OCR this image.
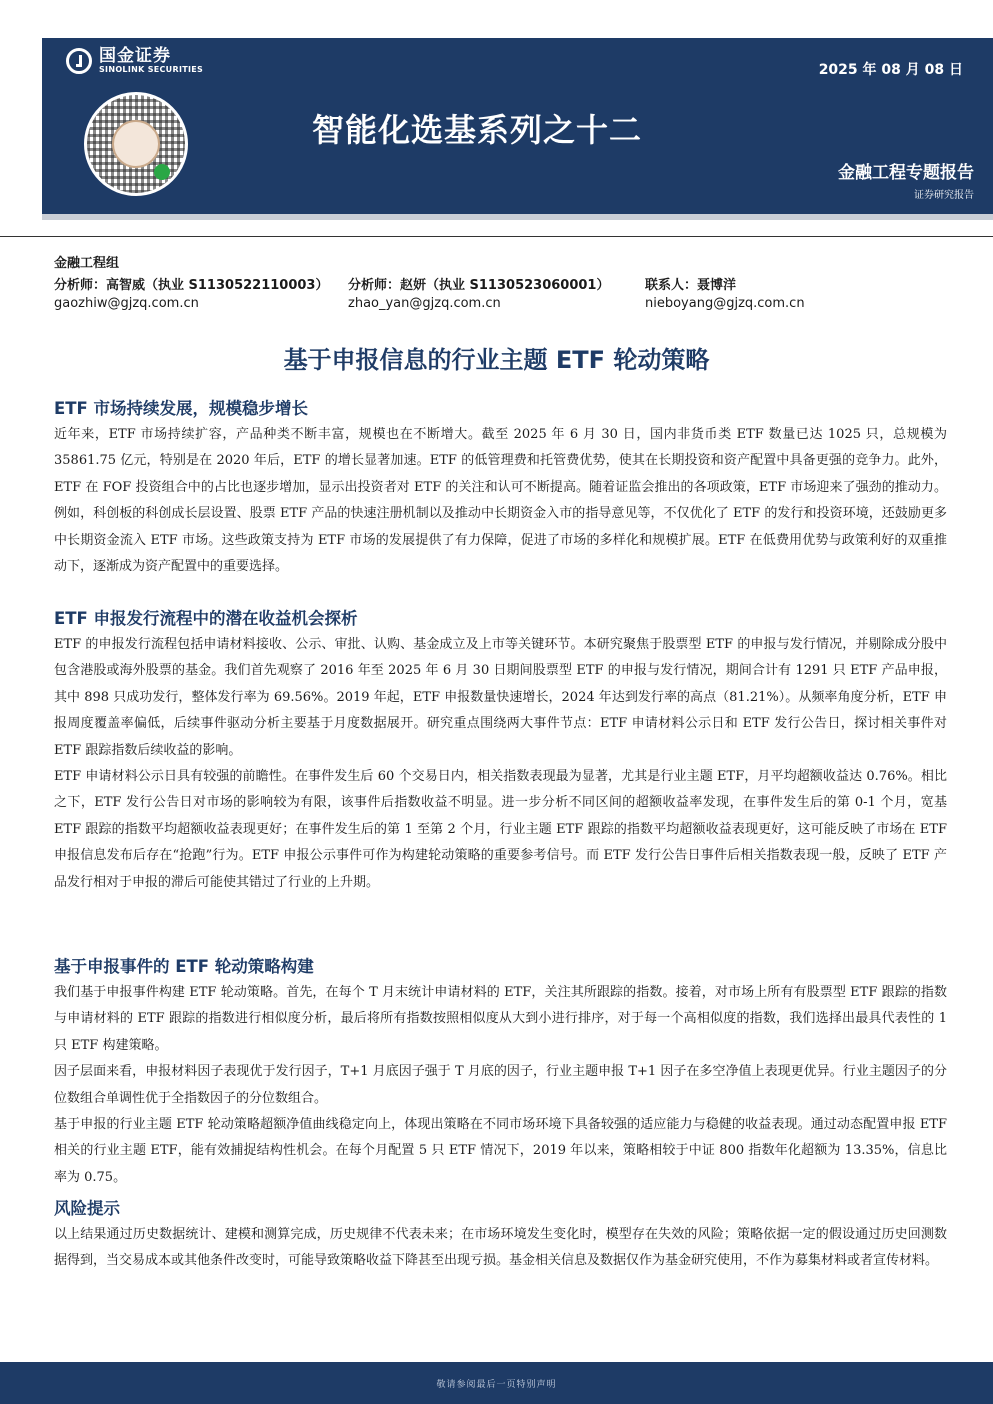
国金证券
SINOLINK SECURITIES	2025 年 08 月 08 日
智能化选基系列之十二
金融工程专题报告
证券研究报告
金融工程组
分析师：高智威（执业 S1130522110003）
gaozhiw@gjzq.com.cn
分析师：赵妍（执业 S1130523060001）
zhao_yan@gjzq.com.cn
联系人：聂博洋
nieboyang@gjzq.com.cn
基于申报信息的行业主题 ETF 轮动策略
ETF 市场持续发展，规模稳步增长

近年来，ETF 市场持续扩容，产品种类不断丰富，规模也在不断增大。截至 2025 年 6 月 30 日，国内非货币类 ETF 数量已达 1025 只，总规模为 35861.75 亿元，特别是在 2020 年后，ETF 的增长显著加速。ETF 的低管理费和托管费优势，使其在长期投资和资产配置中具备更强的竞争力。此外，ETF 在 FOF 投资组合中的占比也逐步增加，显示出投资者对 ETF 的关注和认可不断提高。随着证监会推出的各项政策，ETF 市场迎来了强劲的推动力。例如，科创板的科创成长层设置、股票 ETF 产品的快速注册机制以及推动中长期资金入市的指导意见等，不仅优化了 ETF 的发行和投资环境，还鼓励更多中长期资金流入 ETF 市场。这些政策支持为 ETF 市场的发展提供了有力保障，促进了市场的多样化和规模扩展。ETF 在低费用优势与政策利好的双重推动下，逐渐成为资产配置中的重要选择。

ETF 申报发行流程中的潜在收益机会探析

ETF 的申报发行流程包括申请材料接收、公示、审批、认购、基金成立及上市等关键环节。本研究聚焦于股票型 ETF 的申报与发行情况，并剔除成分股中包含港股或海外股票的基金。我们首先观察了 2016 年至 2025 年 6 月 30 日期间股票型 ETF 的申报与发行情况，期间合计有 1291 只 ETF 产品申报，其中 898 只成功发行，整体发行率为 69.56%。2019 年起，ETF 申报数量快速增长，2024 年达到发行率的高点（81.21%）。从频率角度分析，ETF 申报周度覆盖率偏低，后续事件驱动分析主要基于月度数据展开。研究重点围绕两大事件节点：ETF 申请材料公示日和 ETF 发行公告日，探讨相关事件对 ETF 跟踪指数后续收益的影响。

ETF 申请材料公示日具有较强的前瞻性。在事件发生后 60 个交易日内，相关指数表现最为显著，尤其是行业主题 ETF，月平均超额收益达 0.76%。相比之下，ETF 发行公告日对市场的影响较为有限，该事件后指数收益不明显。进一步分析不同区间的超额收益率发现，在事件发生后的第 0-1 个月，宽基 ETF 跟踪的指数平均超额收益表现更好；在事件发生后的第 1 至第 2 个月，行业主题 ETF 跟踪的指数平均超额收益表现更好，这可能反映了市场在 ETF 申报信息发布后存在“抢跑”行为。ETF 申报公示事件可作为构建轮动策略的重要参考信号。而 ETF 发行公告日事件后相关指数表现一般，反映了 ETF 产品发行相对于申报的滞后可能使其错过了行业的上升期。

基于申报事件的 ETF 轮动策略构建

我们基于申报事件构建 ETF 轮动策略。首先，在每个 T 月末统计申请材料的 ETF，关注其所跟踪的指数。接着，对市场上所有有股票型 ETF 跟踪的指数与申请材料的 ETF 跟踪的指数进行相似度分析，最后将所有指数按照相似度从大到小进行排序，对于每一个高相似度的指数，我们选择出最具代表性的 1 只 ETF 构建策略。

因子层面来看，申报材料因子表现优于发行因子，T+1 月底因子强于 T 月底的因子，行业主题申报 T+1 因子在多空净值上表现更优异。行业主题因子的分位数组合单调性优于全指数因子的分位数组合。

基于申报的行业主题 ETF 轮动策略超额净值曲线稳定向上，体现出策略在不同市场环境下具备较强的适应能力与稳健的收益表现。通过动态配置申报 ETF 相关的行业主题 ETF，能有效捕捉结构性机会。在每个月配置 5 只 ETF 情况下，2019 年以来，策略相较于中证 800 指数年化超额为 13.35%，信息比率为 0.75。

风险提示

以上结果通过历史数据统计、建模和测算完成，历史规律不代表未来；在市场环境发生变化时，模型存在失效的风险；策略依据一定的假设通过历史回测数据得到，当交易成本或其他条件改变时，可能导致策略收益下降甚至出现亏损。基金相关信息及数据仅作为基金研究使用，不作为募集材料或者宣传材料。

敬请参阅最后一页特别声明
